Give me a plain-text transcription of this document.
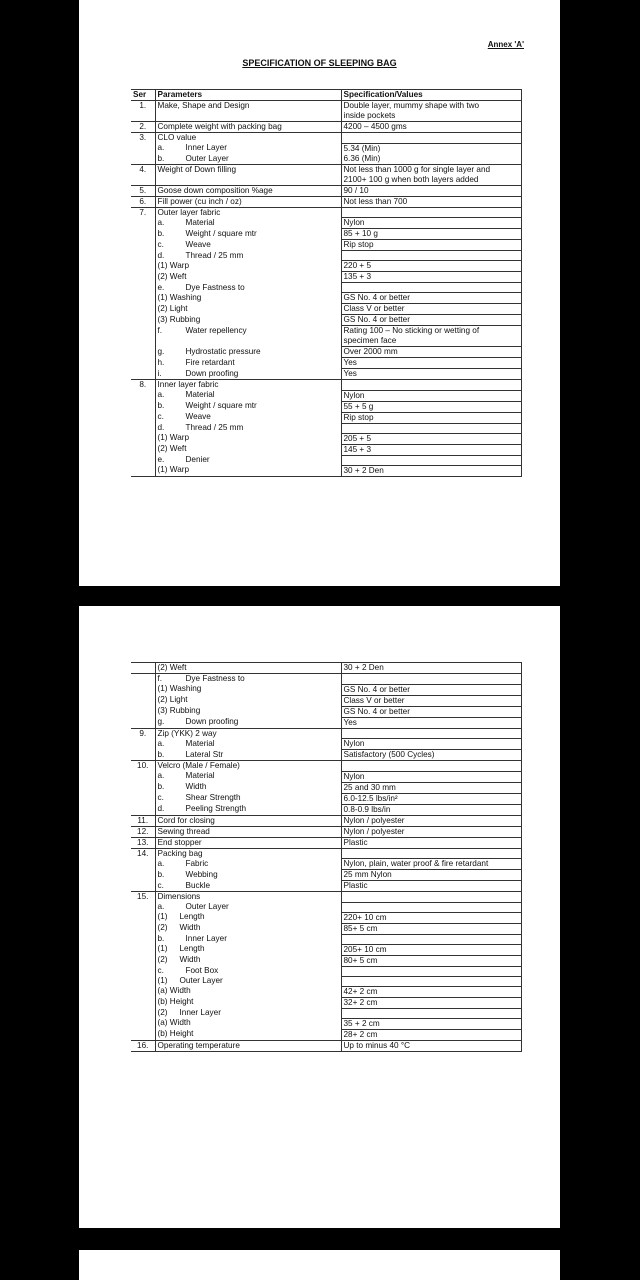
Annex 'A'
SPECIFICATION OF SLEEPING BAG
Ser	Parameters	Specification/Values
1.	Make, Shape and Design	Double layer, mummy shape with two
		inside pockets
2.	Complete weight with packing bag	4200 – 4500 gms
3.	CLO value	
	a. Inner Layer	5.34 (Min)
	b. Outer Layer	6.36 (Min)
4.	Weight of Down filling	Not less than 1000 g for single layer and
		2100+ 100 g when both layers added
5.	Goose down composition %age	90 / 10
6.	Fill power (cu inch / oz)	Not less than 700
7.	Outer layer fabric	
	a. Material	Nylon
	b. Weight / square mtr	85 + 10 g
	c. Weave	Rip stop
	d. Thread / 25 mm	
	(1) Warp	220 + 5
	(2) Weft	135 + 3
	e. Dye Fastness to	
	(1) Washing	GS No. 4 or better
	(2) Light	Class V or better
	(3) Rubbing	GS No. 4 or better
	f. Water repellency	Rating 100 – No sticking or wetting of
		specimen face
	g. Hydrostatic pressure	Over 2000 mm
	h. Fire retardant	Yes
	i. Down proofing	Yes
8.	Inner layer fabric	
	a. Material	Nylon
	b. Weight / square mtr	55 + 5 g
	c. Weave	Rip stop
	d. Thread / 25 mm	
	(1) Warp	205 + 5
	(2) Weft	145 + 3
	e. Denier	
	(1) Warp	30 + 2 Den
	(2) Weft	30 + 2 Den
	f. Dye Fastness to	
	(1) Washing	GS No. 4 or better
	(2) Light	Class V or better
	(3) Rubbing	GS No. 4 or better
	g. Down proofing	Yes
9.	Zip (YKK) 2 way	
	a. Material	Nylon
	b. Lateral Str	Satisfactory (500 Cycles)
10.	Velcro (Male / Female)	
	a. Material	Nylon
	b. Width	25 and 30 mm
	c. Shear Strength	6.0-12.5 lbs/in²
	d. Peeling Strength	0.8-0.9 lbs/in
11.	Cord for closing	Nylon / polyester
12.	Sewing thread	Nylon / polyester
13.	End stopper	Plastic
14.	Packing bag	
	a. Fabric	Nylon, plain, water proof & fire retardant
	b. Webbing	25 mm Nylon
	c. Buckle	Plastic
15.	Dimensions	
	a. Outer Layer	
	(1) Length	220+ 10 cm
	(2) Width	85+ 5 cm
	b. Inner Layer	
	(1) Length	205+ 10 cm
	(2) Width	80+ 5 cm
	c. Foot Box	
	(1) Outer Layer	
	(a) Width	42+ 2 cm
	(b) Height	32+ 2 cm
	(2) Inner Layer	
	(a) Width	35 + 2 cm
	(b) Height	28+ 2 cm
16.	Operating temperature	Up to minus 40 °C
